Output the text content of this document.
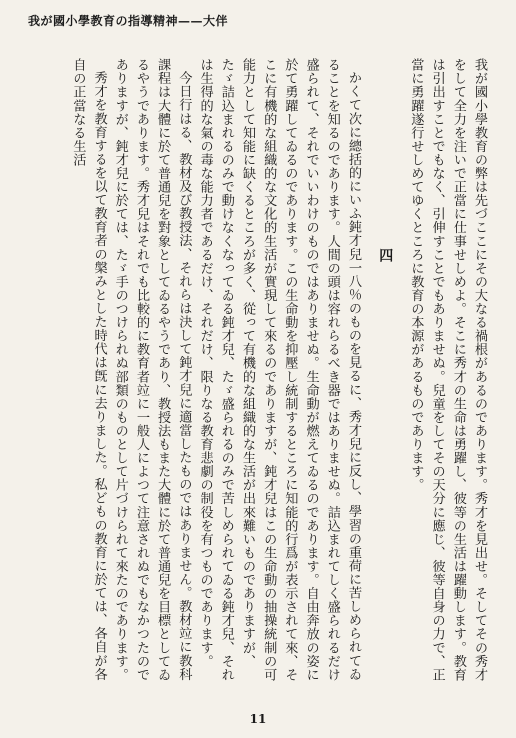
我が國小學教育の指導精神——大伴

我が國小學教育の弊は先づここにその大なる禍根があるのであります。秀才を見出せ。そしてその秀才をして全力を注いで正當に仕事せしめよ。そこに秀才の生命は勇躍し、彼等の生活は躍動します。教育は引出すことでもなく、引伸すことでもありませぬ。兒童をしてその天分に應じ、彼等自身の力で、正當に勇躍遂行せしめてゆくところに教育の本源があるものであります。

四

かくて次に總括的にいふ鈍才兒一八％のものを見るに、秀才兒に反し、學習の重荷に苦しめられてゐることを知るのであります。人間の頭は容れらるべき器ではありませぬ。詰込まれてしく盛られるだけ盛られて、それでいいわけのものではありませぬ。生命動が燃えてゐるのであります。自由奔放の姿に於て勇躍してゐるのであります。この生命動を抑壓し統制するところに知能的行爲が表示されて來、そこに有機的な組織的な文化的生活が實現して來るのでありますが、鈍才兒はこの生命動の抽操統制の可能力として知能に缺くるところが多く、從って有機的な組織的な生活が出來難いものでありますが、たゞ詰込まれるのみで動けなくなってゐる鈍才兒、たゞ盛られるのみで苦しめられてゐる鈍才兒、それは生得的な氣の毒な能力者であるだけ、それだけ、限りなる教育悲劇の制役を有つものであります。

今日行はる、教材及び教授法、それらは決して鈍才兒に適當したものではありません。教材竝に教科課程は大體に於て普通兒を對象としてゐるやうであり、教授法もまた大體に於て普通兒を目標としてゐるやうであります。秀才兒はそれでも比較的に教育者竝に一般人によつて注意されぬでもなかつたのでありますが、鈍才兒に於ては、たゞ手のつけられぬ部類のものとして片づけられて來たのであります。

秀才を教育するを以て教育者の槃みとした時代は旣に去りました。私どもの教育に於ては、各自が各自の正當なる生活

11
